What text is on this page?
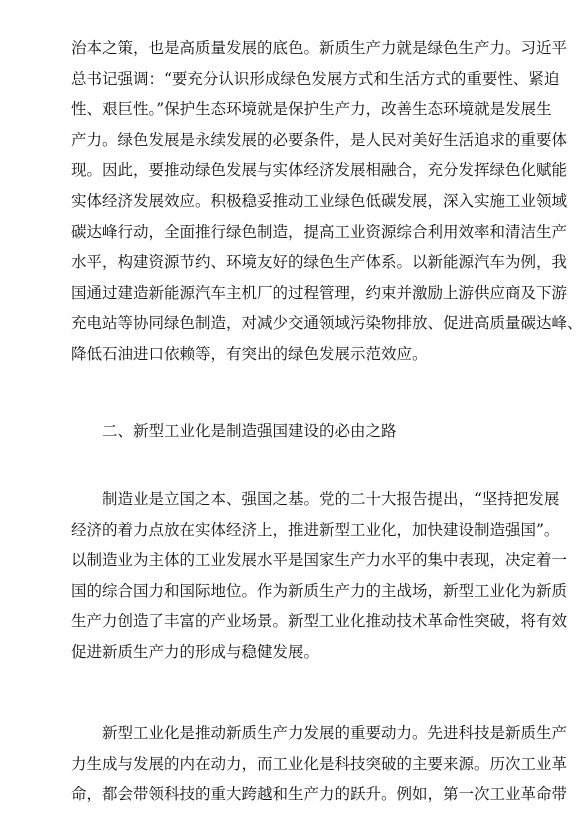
治本之策，也是高质量发展的底色。新质生产力就是绿色生产力。习近平
总书记强调：“要充分认识形成绿色发展方式和生活方式的重要性、紧迫
性、艰巨性。”保护生态环境就是保护生产力，改善生态环境就是发展生
产力。绿色发展是永续发展的必要条件，是人民对美好生活追求的重要体
现。因此，要推动绿色发展与实体经济发展相融合，充分发挥绿色化赋能
实体经济发展效应。积极稳妥推动工业绿色低碳发展，深入实施工业领域
碳达峰行动，全面推行绿色制造，提高工业资源综合利用效率和清洁生产
水平，构建资源节约、环境友好的绿色生产体系。以新能源汽车为例，我
国通过建造新能源汽车主机厂的过程管理，约束并激励上游供应商及下游
充电站等协同绿色制造，对减少交通领域污染物排放、促进高质量碳达峰、
降低石油进口依赖等，有突出的绿色发展示范效应。
二、新型工业化是制造强国建设的必由之路
制造业是立国之本、强国之基。党的二十大报告提出，“坚持把发展
经济的着力点放在实体经济上，推进新型工业化，加快建设制造强国”。
以制造业为主体的工业发展水平是国家生产力水平的集中表现，决定着一
国的综合国力和国际地位。作为新质生产力的主战场，新型工业化为新质
生产力创造了丰富的产业场景。新型工业化推动技术革命性突破，将有效
促进新质生产力的形成与稳健发展。
新型工业化是推动新质生产力发展的重要动力。先进科技是新质生产
力生成与发展的内在动力，而工业化是科技突破的主要来源。历次工业革
命，都会带领科技的重大跨越和生产力的跃升。例如，第一次工业革命带
